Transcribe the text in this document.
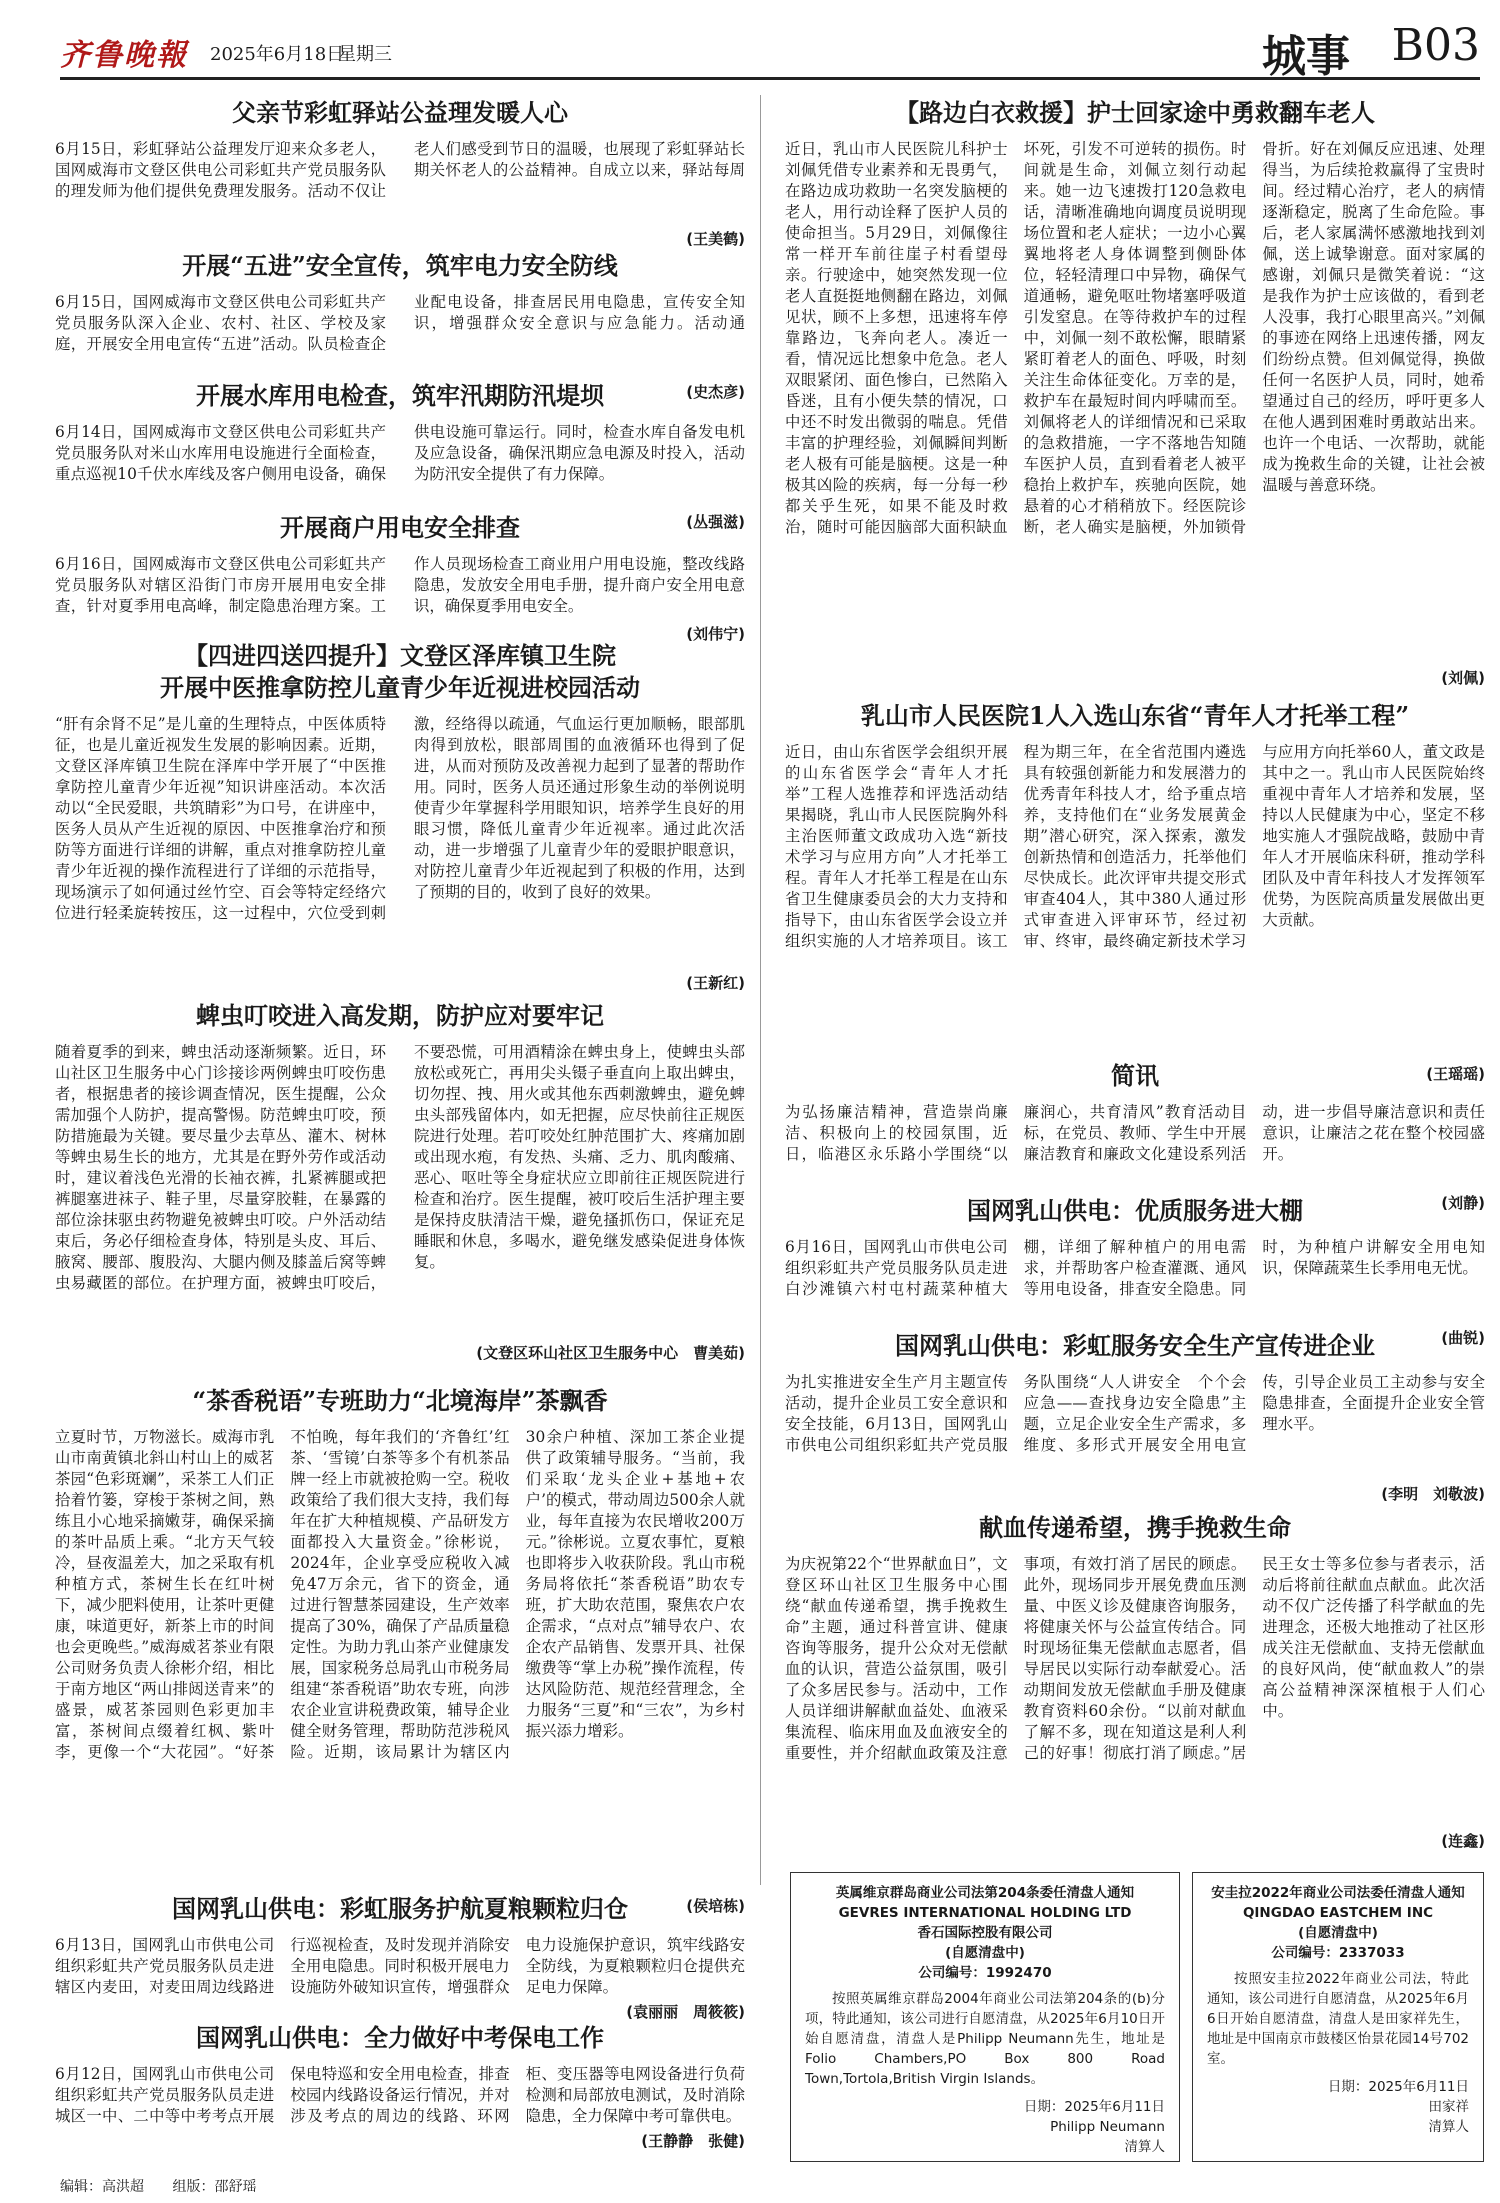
齐鲁晚報 2025年6月18日
星期三	城事 B03
父亲节彩虹驿站公益理发暖人心
6月15日，彩虹驿站公益理发厅迎来众多老人，国网威海市文登区供电公司彩虹共产党员服务队的理发师为他们提供免费理发服务。活动不仅让老人们感受到节日的温暖，也展现了彩虹驿站长期关怀老人的公益精神。自成立以来，驿站每周
(王美鹤)
开展“五进”安全宣传，筑牢电力安全防线
6月15日，国网威海市文登区供电公司彩虹共产党员服务队深入企业、农村、社区、学校及家庭，开展安全用电宣传“五进”活动。队员检查企业配电设备，排查居民用电隐患，宣传安全知识，增强群众安全意识与应急能力。活动通
(史杰彦)
开展水库用电检查，筑牢汛期防汛堤坝
6月14日，国网威海市文登区供电公司彩虹共产党员服务队对米山水库用电设施进行全面检查，重点巡视10千伏水库线及客户侧用电设备，确保供电设施可靠运行。同时，检查水库自备发电机及应急设备，确保汛期应急电源及时投入，活动为防汛安全提供了有力保障。
(丛强滋)
开展商户用电安全排查
6月16日，国网威海市文登区供电公司彩虹共产党员服务队对辖区沿街门市房开展用电安全排查，针对夏季用电高峰，制定隐患治理方案。工作人员现场检查工商业用户用电设施，整改线路隐患，发放安全用电手册，提升商户安全用电意识，确保夏季用电安全。
(刘伟宁)
【四进四送四提升】文登区泽库镇卫生院
开展中医推拿防控儿童青少年近视进校园活动
“肝有余肾不足”是儿童的生理特点，中医体质特征，也是儿童近视发生发展的影响因素。近期，文登区泽库镇卫生院在泽库中学开展了“中医推拿防控儿童青少年近视”知识讲座活动。本次活动以“全民爱眼，共筑睛彩”为口号，在讲座中，医务人员从产生近视的原因、中医推拿治疗和预防等方面进行详细的讲解，重点对推拿防控儿童青少年近视的操作流程进行了详细的示范指导，现场演示了如何通过丝竹空、百会等特定经络穴位进行轻柔旋转按压，这一过程中，穴位受到刺激，经络得以疏通，气血运行更加顺畅，眼部肌肉得到放松，眼部周围的血液循环也得到了促进，从而对预防及改善视力起到了显著的帮助作用。同时，医务人员还通过形象生动的举例说明使青少年掌握科学用眼知识，培养学生良好的用眼习惯，降低儿童青少年近视率。通过此次活动，进一步增强了儿童青少年的爱眼护眼意识，对防控儿童青少年近视起到了积极的作用，达到了预期的目的，收到了良好的效果。
(王新红)
蜱虫叮咬进入高发期，防护应对要牢记
随着夏季的到来，蜱虫活动逐渐频繁。近日，环山社区卫生服务中心门诊接诊两例蜱虫叮咬伤患者，根据患者的接诊调查情况，医生提醒，公众需加强个人防护，提高警惕。防范蜱虫叮咬，预防措施最为关键。要尽量少去草丛、灌木、树林等蜱虫易生长的地方，尤其是在野外劳作或活动时，建议着浅色光滑的长袖衣裤，扎紧裤腿或把裤腿塞进袜子、鞋子里，尽量穿胶鞋，在暴露的部位涂抹驱虫药物避免被蜱虫叮咬。户外活动结束后，务必仔细检查身体，特别是头皮、耳后、腋窝、腰部、腹股沟、大腿内侧及膝盖后窝等蜱虫易藏匿的部位。在护理方面，被蜱虫叮咬后，不要恐慌，可用酒精涂在蜱虫身上，使蜱虫头部放松或死亡，再用尖头镊子垂直向上取出蜱虫，切勿捏、拽、用火或其他东西刺激蜱虫，避免蜱虫头部残留体内，如无把握，应尽快前往正规医院进行处理。若叮咬处红肿范围扩大、疼痛加剧或出现水疱，有发热、头痛、乏力、肌肉酸痛、恶心、呕吐等全身症状应立即前往正规医院进行检查和治疗。医生提醒，被叮咬后生活护理主要是保持皮肤清洁干燥，避免搔抓伤口，保证充足睡眠和休息，多喝水，避免继发感染促进身体恢复。
(文登区环山社区卫生服务中心　曹美茹)
“茶香税语”专班助力“北境海岸”茶飘香
立夏时节，万物滋长。威海市乳山市南黄镇北斜山村山上的威茗茶园“色彩斑斓”，采茶工人们正拾着竹篓，穿梭于茶树之间，熟练且小心地采摘嫩芽，确保采摘的茶叶品质上乘。“北方天气较冷，昼夜温差大，加之采取有机种植方式，茶树生长在红叶树下，减少肥料使用，让茶叶更健康，味道更好，新茶上市的时间也会更晚些。”威海威茗茶业有限公司财务负责人徐彬介绍，相比于南方地区“两山排闼送青来”的盛景，威茗茶园则色彩更加丰富，茶树间点缀着红枫、紫叶李，更像一个“大花园”。“好茶不怕晚，每年我们的‘齐鲁红’红茶、‘雪镜’白茶等多个有机茶品牌一经上市就被抢购一空。税收政策给了我们很大支持，我们每年在扩大种植规模、产品研发方面都投入大量资金。”徐彬说，2024年，企业享受应税收入减免47万余元，省下的资金，通过进行智慧茶园建设，生产效率提高了30%，确保了产品质量稳定性。为助力乳山茶产业健康发展，国家税务总局乳山市税务局组建“茶香税语”助农专班，向涉农企业宣讲税费政策，辅导企业健全财务管理，帮助防范涉税风险。近期，该局累计为辖区内30余户种植、深加工茶企业提供了政策辅导服务。“当前，我们采取‘龙头企业+基地+农户’的模式，带动周边500余人就业，每年直接为农民增收200万元。”徐彬说。立夏农事忙，夏粮也即将步入收获阶段。乳山市税务局将依托“茶香税语”助农专班，扩大助农范围，聚焦农户农企需求，“点对点”辅导农户、农企农产品销售、发票开具、社保缴费等“掌上办税”操作流程，传达风险防范、规范经营理念，全力服务“三夏”和“三农”，为乡村振兴添力增彩。
(侯培栋)
国网乳山供电：彩虹服务护航夏粮颗粒归仓
6月13日，国网乳山市供电公司组织彩虹共产党员服务队员走进辖区内麦田，对麦田周边线路进行巡视检查，及时发现并消除安全用电隐患。同时积极开展电力设施防外破知识宣传，增强群众电力设施保护意识，筑牢线路安全防线，为夏粮颗粒归仓提供充足电力保障。
(袁丽丽　周筱筱)
国网乳山供电：全力做好中考保电工作
6月12日，国网乳山市供电公司组织彩虹共产党员服务队员走进城区一中、二中等中考考点开展保电特巡和安全用电检查，排查校园内线路设备运行情况，并对涉及考点的周边的线路、环网柜、变压器等电网设备进行负荷检测和局部放电测试，及时消除隐患，全力保障中考可靠供电。
(王静静　张健)
【路边白衣救援】护士回家途中勇救翻车老人
近日，乳山市人民医院儿科护士刘佩凭借专业素养和无畏勇气，在路边成功救助一名突发脑梗的老人，用行动诠释了医护人员的使命担当。5月29日，刘佩像往常一样开车前往崖子村看望母亲。行驶途中，她突然发现一位老人直挺挺地侧翻在路边，刘佩见状，顾不上多想，迅速将车停靠路边，飞奔向老人。凑近一看，情况远比想象中危急。老人双眼紧闭、面色惨白，已然陷入昏迷，且有小便失禁的情况，口中还不时发出微弱的喘息。凭借丰富的护理经验，刘佩瞬间判断老人极有可能是脑梗。这是一种极其凶险的疾病，每一分每一秒都关乎生死，如果不能及时救治，随时可能因脑部大面积缺血坏死，引发不可逆转的损伤。时间就是生命，刘佩立刻行动起来。她一边飞速拨打120急救电话，清晰准确地向调度员说明现场位置和老人症状；一边小心翼翼地将老人身体调整到侧卧体位，轻轻清理口中异物，确保气道通畅，避免呕吐物堵塞呼吸道引发窒息。在等待救护车的过程中，刘佩一刻不敢松懈，眼睛紧紧盯着老人的面色、呼吸，时刻关注生命体征变化。万幸的是，救护车在最短时间内呼啸而至。刘佩将老人的详细情况和已采取的急救措施，一字不落地告知随车医护人员，直到看着老人被平稳抬上救护车，疾驰向医院，她悬着的心才稍稍放下。经医院诊断，老人确实是脑梗，外加锁骨骨折。好在刘佩反应迅速、处理得当，为后续抢救赢得了宝贵时间。经过精心治疗，老人的病情逐渐稳定，脱离了生命危险。事后，老人家属满怀感激地找到刘佩，送上诚挚谢意。面对家属的感谢，刘佩只是微笑着说：“这是我作为护士应该做的，看到老人没事，我打心眼里高兴。”刘佩的事迹在网络上迅速传播，网友们纷纷点赞。但刘佩觉得，换做任何一名医护人员，同时，她希望通过自己的经历，呼吁更多人在他人遇到困难时勇敢站出来。也许一个电话、一次帮助，就能成为挽救生命的关键，让社会被温暖与善意环绕。
(刘佩)
乳山市人民医院1人入选山东省“青年人才托举工程”
近日，由山东省医学会组织开展的山东省医学会“青年人才托举”工程人选推荐和评选活动结果揭晓，乳山市人民医院胸外科主治医师董文政成功入选“新技术学习与应用方向”人才托举工程。青年人才托举工程是在山东省卫生健康委员会的大力支持和指导下，由山东省医学会设立并组织实施的人才培养项目。该工程为期三年，在全省范围内遴选具有较强创新能力和发展潜力的优秀青年科技人才，给予重点培养，支持他们在“业务发展黄金期”潜心研究，深入探索，激发创新热情和创造活力，托举他们尽快成长。此次评审共提交形式审查404人，其中380人通过形式审查进入评审环节，经过初审、终审，最终确定新技术学习与应用方向托举60人，董文政是其中之一。乳山市人民医院始终重视中青年人才培养和发展，坚持以人民健康为中心，坚定不移地实施人才强院战略，鼓励中青年人才开展临床科研，推动学科团队及中青年科技人才发挥领军优势，为医院高质量发展做出更大贡献。
(王瑶瑶)
简讯
为弘扬廉洁精神，营造崇尚廉洁、积极向上的校园氛围，近日，临港区永乐路小学围绕“以廉润心，共育清风”教育活动目标，在党员、教师、学生中开展廉洁教育和廉政文化建设系列活动，进一步倡导廉洁意识和责任意识，让廉洁之花在整个校园盛开。
(刘静)
国网乳山供电：优质服务进大棚
6月16日，国网乳山市供电公司组织彩虹共产党员服务队员走进白沙滩镇六村屯村蔬菜种植大棚，详细了解种植户的用电需求，并帮助客户检查灌溉、通风等用电设备，排查安全隐患。同时，为种植户讲解安全用电知识，保障蔬菜生长季用电无忧。
(曲锐)
国网乳山供电：彩虹服务安全生产宣传进企业
为扎实推进安全生产月主题宣传活动，提升企业员工安全意识和安全技能，6月13日，国网乳山市供电公司组织彩虹共产党员服务队围绕“人人讲安全　个个会应急——查找身边安全隐患”主题，立足企业安全生产需求，多维度、多形式开展安全用电宣传，引导企业员工主动参与安全隐患排查，全面提升企业安全管理水平。
(李明　刘敬波)
献血传递希望，携手挽救生命
为庆祝第22个“世界献血日”，文登区环山社区卫生服务中心围绕“献血传递希望，携手挽救生命”主题，通过科普宣讲、健康咨询等服务，提升公众对无偿献血的认识，营造公益氛围，吸引了众多居民参与。活动中，工作人员详细讲解献血益处、血液采集流程、临床用血及血液安全的重要性，并介绍献血政策及注意事项，有效打消了居民的顾虑。此外，现场同步开展免费血压测量、中医义诊及健康咨询服务，将健康关怀与公益宣传结合。同时现场征集无偿献血志愿者，倡导居民以实际行动奉献爱心。活动期间发放无偿献血手册及健康教育资料60余份。“以前对献血了解不多，现在知道这是利人利己的好事！彻底打消了顾虑。”居民王女士等多位参与者表示，活动后将前往献血点献血。此次活动不仅广泛传播了科学献血的先进理念，还极大地推动了社区形成关注无偿献血、支持无偿献血的良好风尚，使“献血救人”的崇高公益精神深深植根于人们心中。
(连鑫)
英属维京群岛商业公司法第204条委任清盘人通知
GEVRES INTERNATIONAL HOLDING LTD
香石国际控股有限公司
(自愿清盘中)
公司编号：1992470
按照英属维京群岛2004年商业公司法第204条的(b)分项，特此通知，该公司进行自愿清盘，从2025年6月10日开始自愿清盘，清盘人是Philipp Neumann先生，地址是Folio Chambers,PO Box 800 Road Town,Tortola,British Virgin Islands。
日期：2025年6月11日
Philipp Neumann
清算人
安圭拉2022年商业公司法委任清盘人通知
QINGDAO EASTCHEM INC
(自愿清盘中)
公司编号：2337033
按照安圭拉2022年商业公司法，特此通知，该公司进行自愿清盘，从2025年6月6日开始自愿清盘，清盘人是田家祥先生，地址是中国南京市鼓楼区怡景花园14号702室。
日期：2025年6月11日
田家祥
清算人
编辑：高洪超 组版：邵舒瑶
